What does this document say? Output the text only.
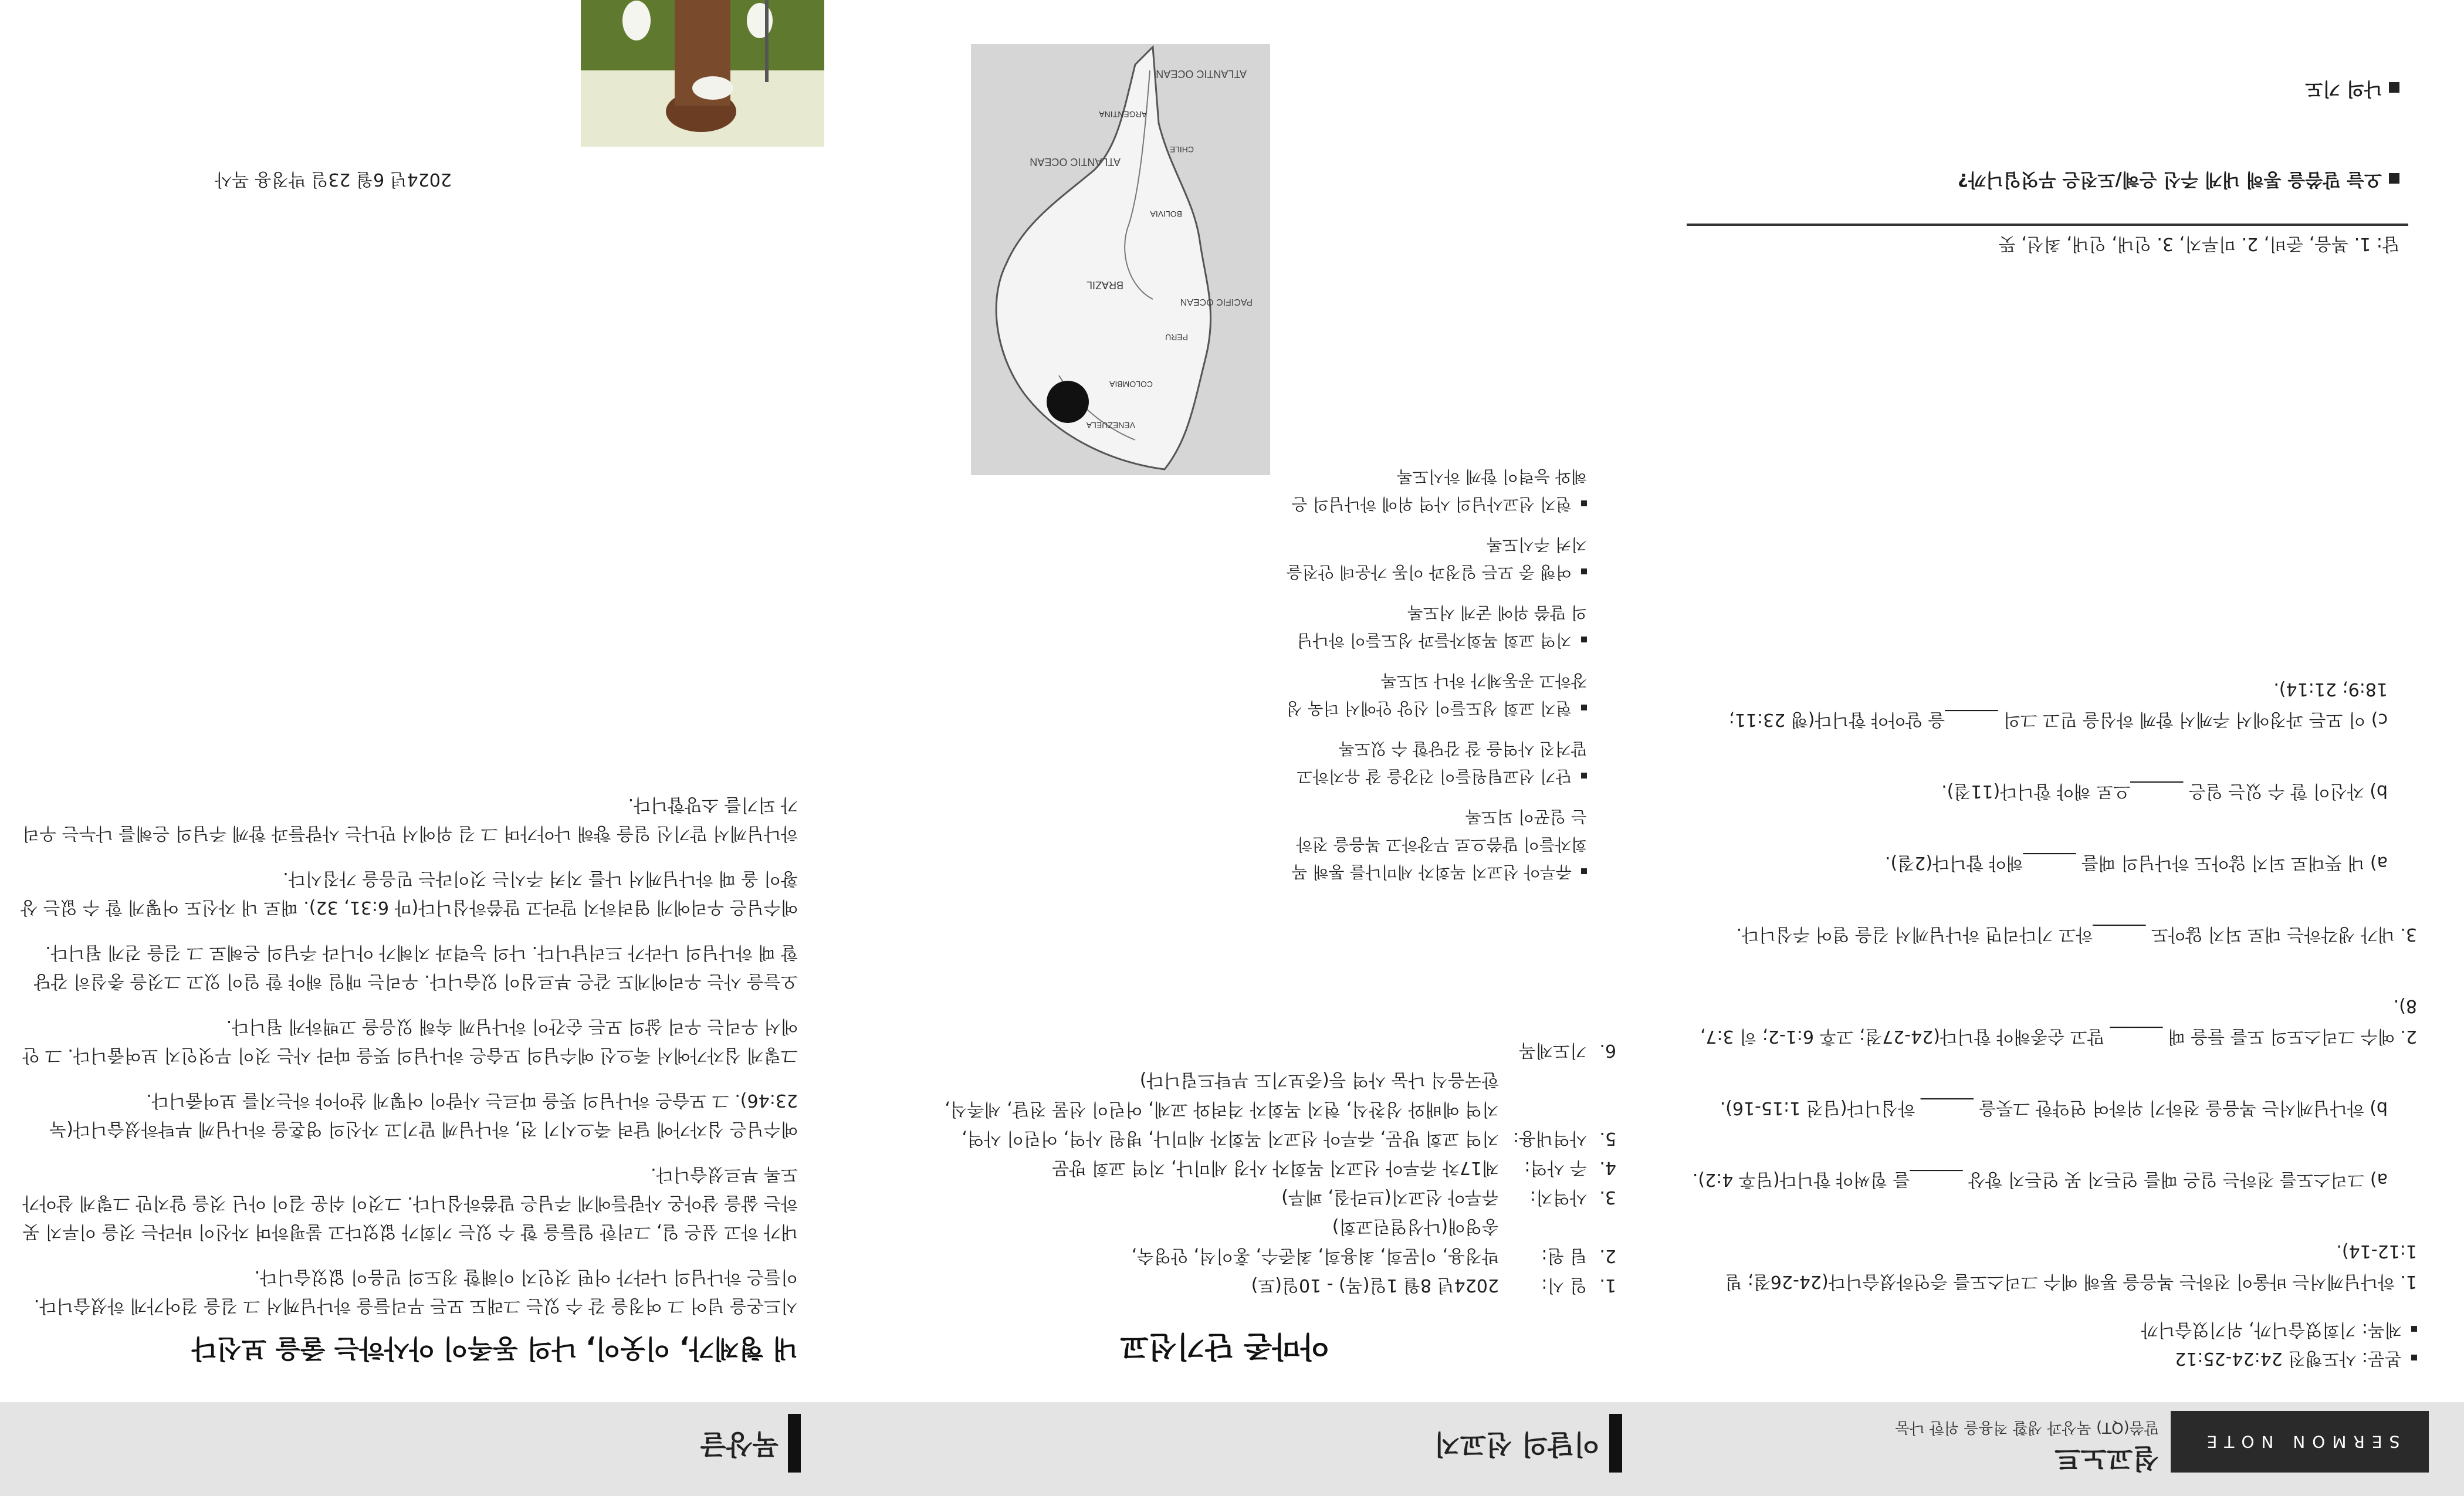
SERMON NOTE
설교노트
말씀(QT) 묵상과 생활 적용을 위한 나눔
본문: 사도행전 24:24-25:12
제목: 기회였습니까, 위기였습니까
1. 하나님께서는 바울이 전하는 복음을 통해 예수 그리스도를 증언하셨습니다(24-26절; 빌 1:12-14).
a) 그리스도를 전하는 일은 때를 얻든지 못 얻든지 항상 ______를 힘써야 합니다(딤후 4:2).
b) 하나님께서는 복음을 전하기 위하여 연약한 그릇을 ______ 하십니다(딤전 1:15-16).
2. 예수 그리스도의 도를 들을 때 ______ 말고 순종해야 합니다(24-27절; 고후 6:1-2; 히 3:7, 8).
3. 내가 생각하는 대로 되지 않아도 ______하고 기다리면 하나님께서 길을 열어 주십니다.
a) 내 뜻대로 되지 않아도 하나님의 때를 ______해야 합니다(2절).
b) 자신이 할 수 있는 일은 ______으로 해야 합니다(11절).
c) 이 모든 과정에서 주께서 함께 하심을 믿고 그의 ______을 알아야 합니다(행 23:11; 18:9; 21:14).
답: 1. 복음, 준비, 2. 미루지, 3. 인내, 인내, 최선, 뜻
오늘 말씀을 통해 내게 주신 은혜/도전은 무엇입니까?
나의 기도
이달의 선교지
아마존 단기선교
1.일 시:2024년 8월 1일(목) - 10일(토)
2.팀 원:박정용, 이문희, 최용희, 최준수, 홍이석, 안영숙,
송영애(나성열린교회)
3.사역지:쥬루아 선교지(브라질, 페루)
4.주 사역:제17차 쥬루아 선교지 목회자 사경 세미나, 지역 교회 방문
5.사역내용:지역 교회 방문, 쥬루아 선교지 목회자 세미나, 병원 사역, 어린이 사역,
지역 예배와 성찬식, 현지 목회자 격려와 교제, 어린이 선물 전달, 세족식,
한국음식 나눔 사역 등(중보기도 부탁드립니다)
6.기도제목
쥬루아 선교지 목회자 세미나를 통해 목회자들이 말씀으로 무장하고 복음을 전하는 일꾼이 되도록
단기 선교팀원들이 건강을 잘 유지하고 맡겨진 사역을 잘 감당할 수 있도록
현지 교회 성도들이 신앙 안에서 더욱 성장하고 공동체가 하나 되도록
지역 교회 목회자들과 성도들이 하나님의 말씀 위에 굳게 서도록
여행 중 모든 일정과 이동 가운데 안전을 지켜 주시도록
현지 선교사님의 사역 위에 하나님의 은혜와 능력이 함께 하시도록
ATLANTIC OCEAN
ATLANTIC OCEAN
PACIFIC OCEAN
BRAZIL
ARGENTINA
BOLIVIA
CHILE
PERU
COLOMBIA
VENEZUELA
묵상글
내 형제가, 이웃이, 나의 동족이 아사하는 줄을 보신다

시드온을 넘어 그 여정을 갈 수 있는 그래도 모든 무리들을 하나님께서 그 길을 걸어가게 하셨습니다. 이들은 하나님의 나라가 어떤 것인지 이해할 정도의 믿음이 없었습니다.

내가 하고 싶은 일, 그러한 일들을 할 수 있는 기회가 없었다고 불평하며 자신이 바라는 것을 이루지 못하는 삶을 살아온 사람들에게 주님은 말씀하십니다. 그것이 쉬운 길이 아닌 것을 알지만 그렇게 살아가도록 부르셨습니다.

예수님은 십자가에 달려 죽으시기 전, 하나님께 맡기고 자신의 영혼을 하나님께 부탁하셨습니다(눅 23:46). 그 모습은 하나님의 뜻을 따르는 사람이 어떻게 살아야 하는지를 보여줍니다.

그렇게 십자가에서 죽으신 예수님의 모습은 하나님의 뜻을 따라 사는 것이 무엇인지 보여줍니다. 그 안에서 우리는 우리 삶의 모든 순간이 하나님께 속해 있음을 고백하게 됩니다.

오늘을 사는 우리에게도 같은 부르심이 있습니다. 우리는 매일 해야 할 일이 있고 그것을 충실히 감당할 때 하나님의 나라가 드러납니다. 나의 능력과 지혜가 아니라 주님의 은혜로 그 길을 걷게 됩니다.

예수님은 우리에게 염려하지 말라고 말씀하십니다(마 6:31, 32). 때로 내 자신도 어떻게 할 수 없는 상황이 올 때 하나님께서 나를 지켜 주시는 것이라는 믿음을 가집시다.

하나님께서 맡기신 일을 향해 나아가며 그 길 위에서 만나는 사람들과 함께 주님의 은혜를 나누는 우리가 되기를 소망합니다.

2024년 6월 23일 박정용 목사
